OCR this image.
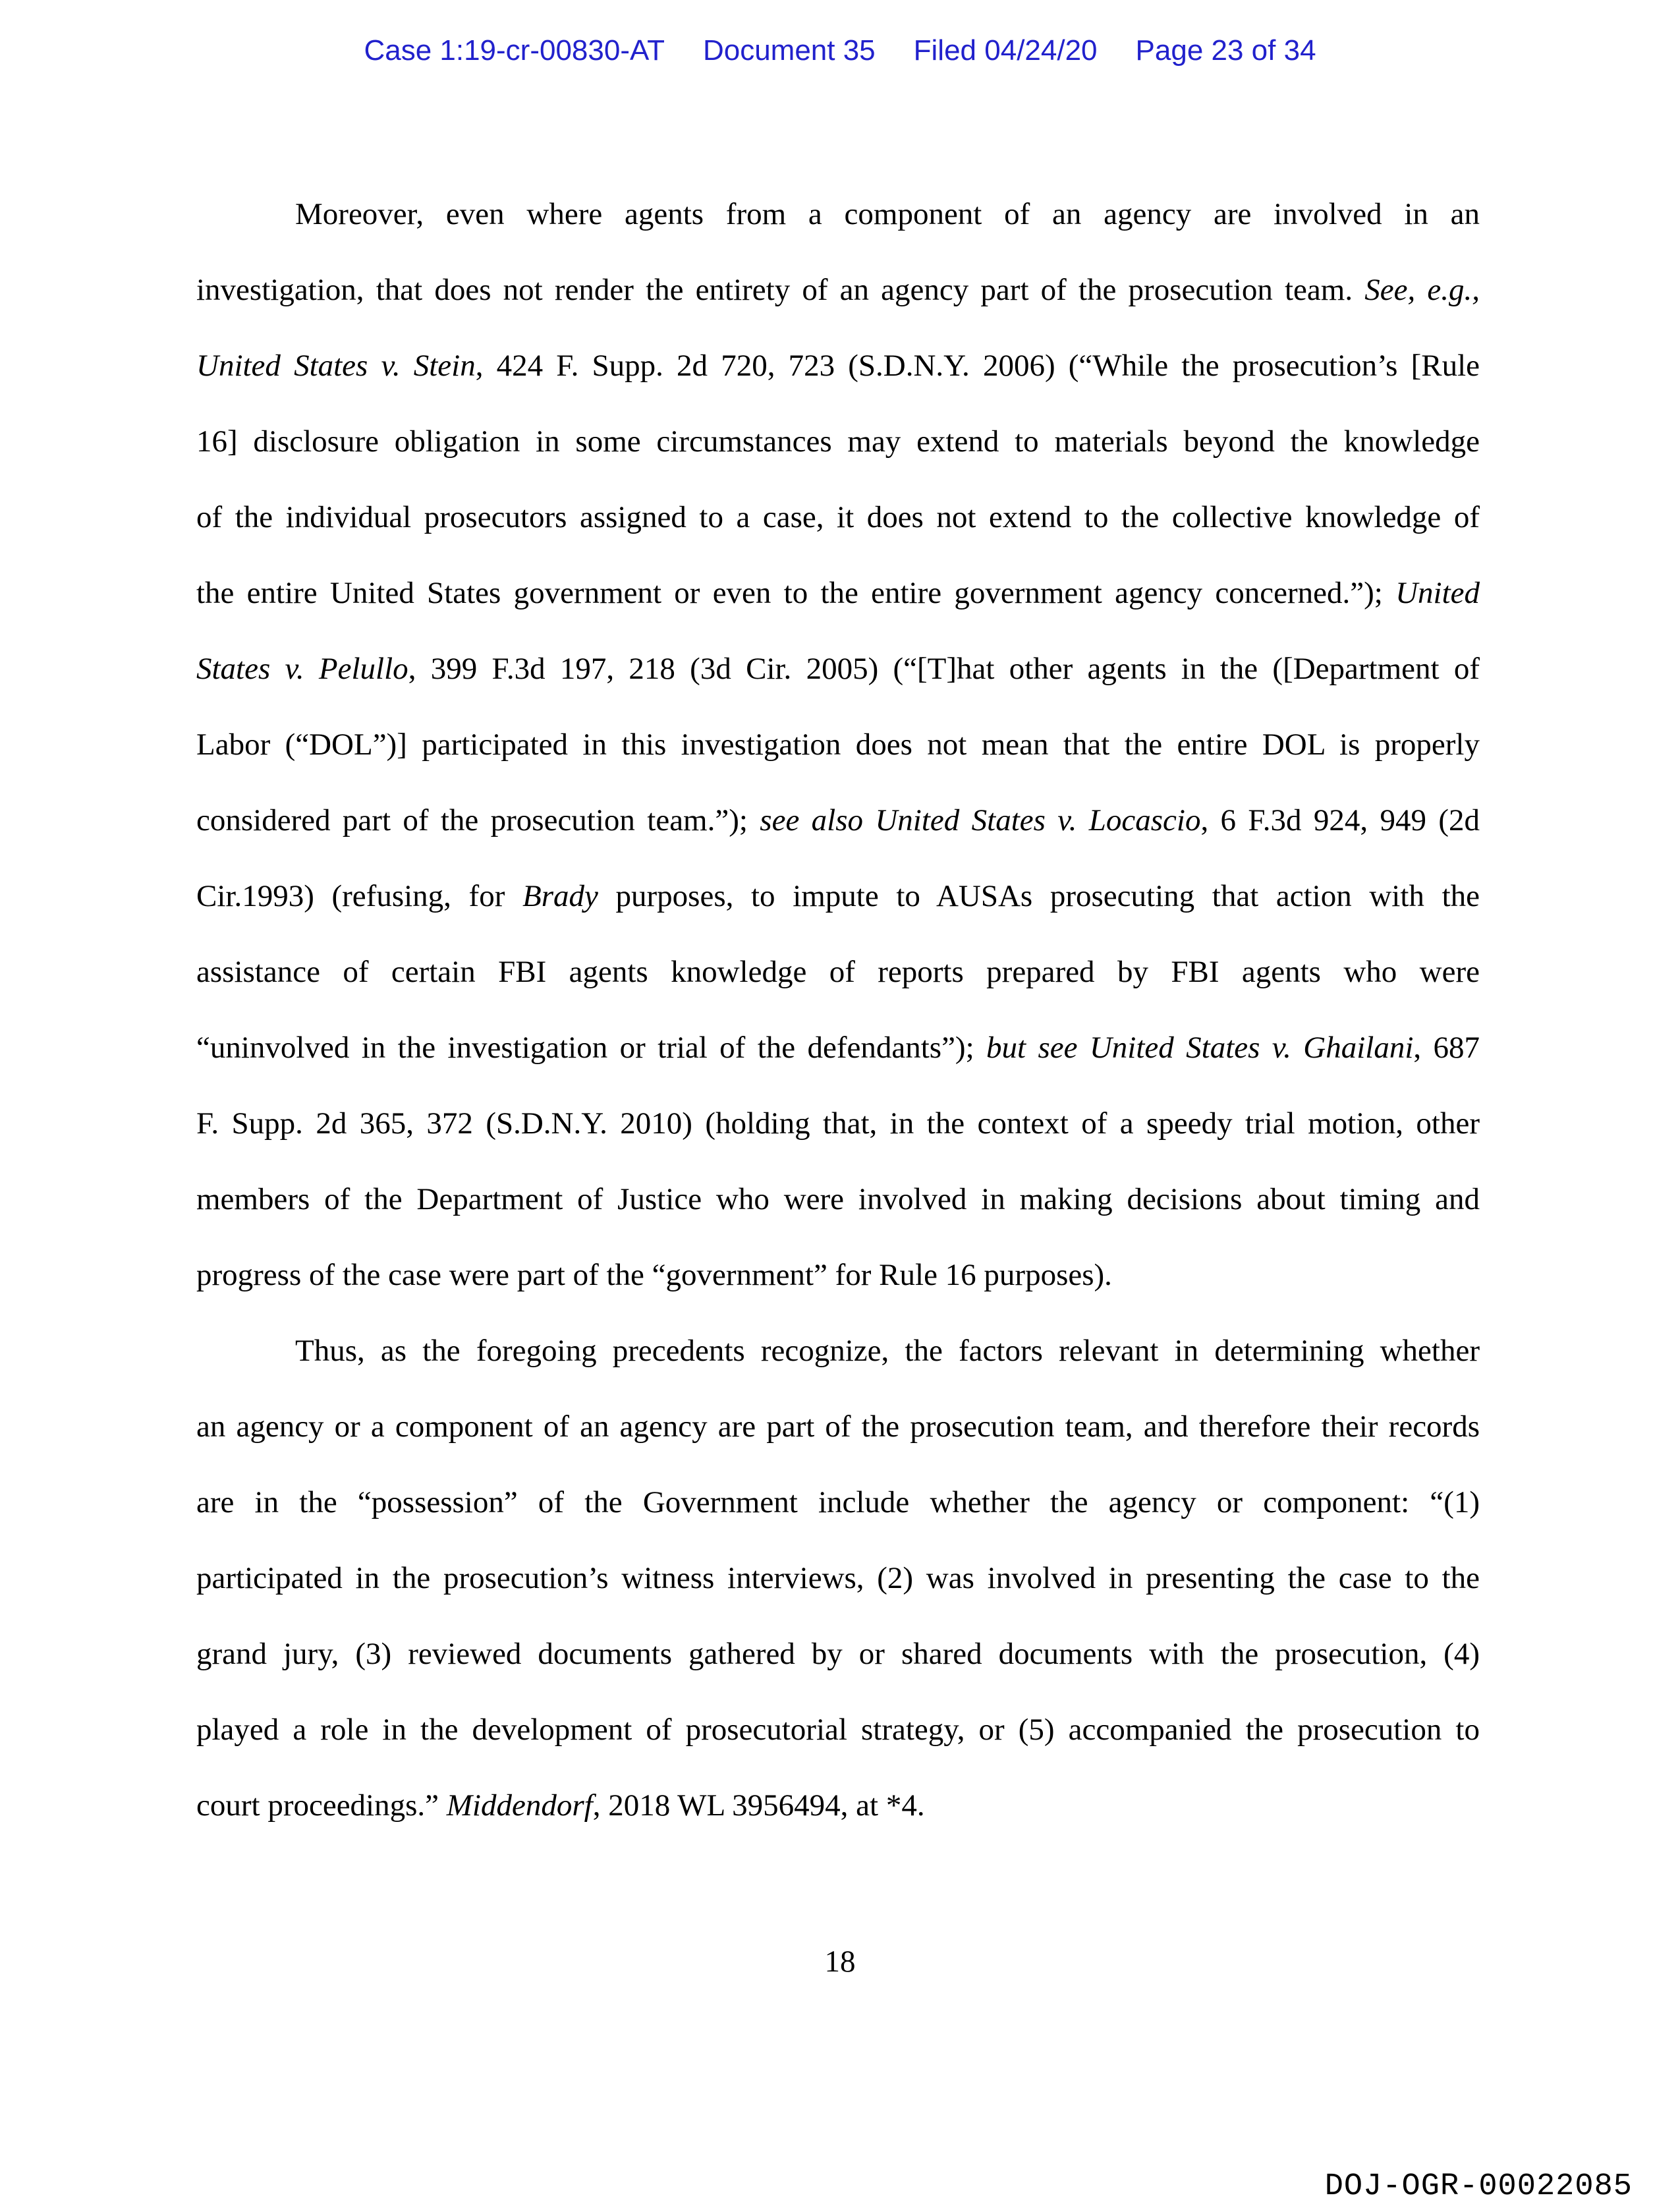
Case 1:19-cr-00830-AT Document 35 Filed 04/24/20 Page 23 of 34
Moreover, even where agents from a component of an agency are involved in an
investigation, that does not render the entirety of an agency part of the prosecution team. See, e.g.,
United States v. Stein, 424 F. Supp. 2d 720, 723 (S.D.N.Y. 2006) (“While the prosecution’s [Rule
16] disclosure obligation in some circumstances may extend to materials beyond the knowledge
of the individual prosecutors assigned to a case, it does not extend to the collective knowledge of
the entire United States government or even to the entire government agency concerned.”); United
States v. Pelullo, 399 F.3d 197, 218 (3d Cir. 2005) (“[T]hat other agents in the ([Department of
Labor (“DOL”)] participated in this investigation does not mean that the entire DOL is properly
considered part of the prosecution team.”); see also United States v. Locascio, 6 F.3d 924, 949 (2d
Cir.1993) (refusing, for Brady purposes, to impute to AUSAs prosecuting that action with the
assistance of certain FBI agents knowledge of reports prepared by FBI agents who were
“uninvolved in the investigation or trial of the defendants”); but see United States v. Ghailani, 687
F. Supp. 2d 365, 372 (S.D.N.Y. 2010) (holding that, in the context of a speedy trial motion, other
members of the Department of Justice who were involved in making decisions about timing and
progress of the case were part of the “government” for Rule 16 purposes).
Thus, as the foregoing precedents recognize, the factors relevant in determining whether
an agency or a component of an agency are part of the prosecution team, and therefore their records
are in the “possession” of the Government include whether the agency or component: “(1)
participated in the prosecution’s witness interviews, (2) was involved in presenting the case to the
grand jury, (3) reviewed documents gathered by or shared documents with the prosecution, (4)
played a role in the development of prosecutorial strategy, or (5) accompanied the prosecution to
court proceedings.” Middendorf, 2018 WL 3956494, at *4.
18
DOJ-OGR-00022085
